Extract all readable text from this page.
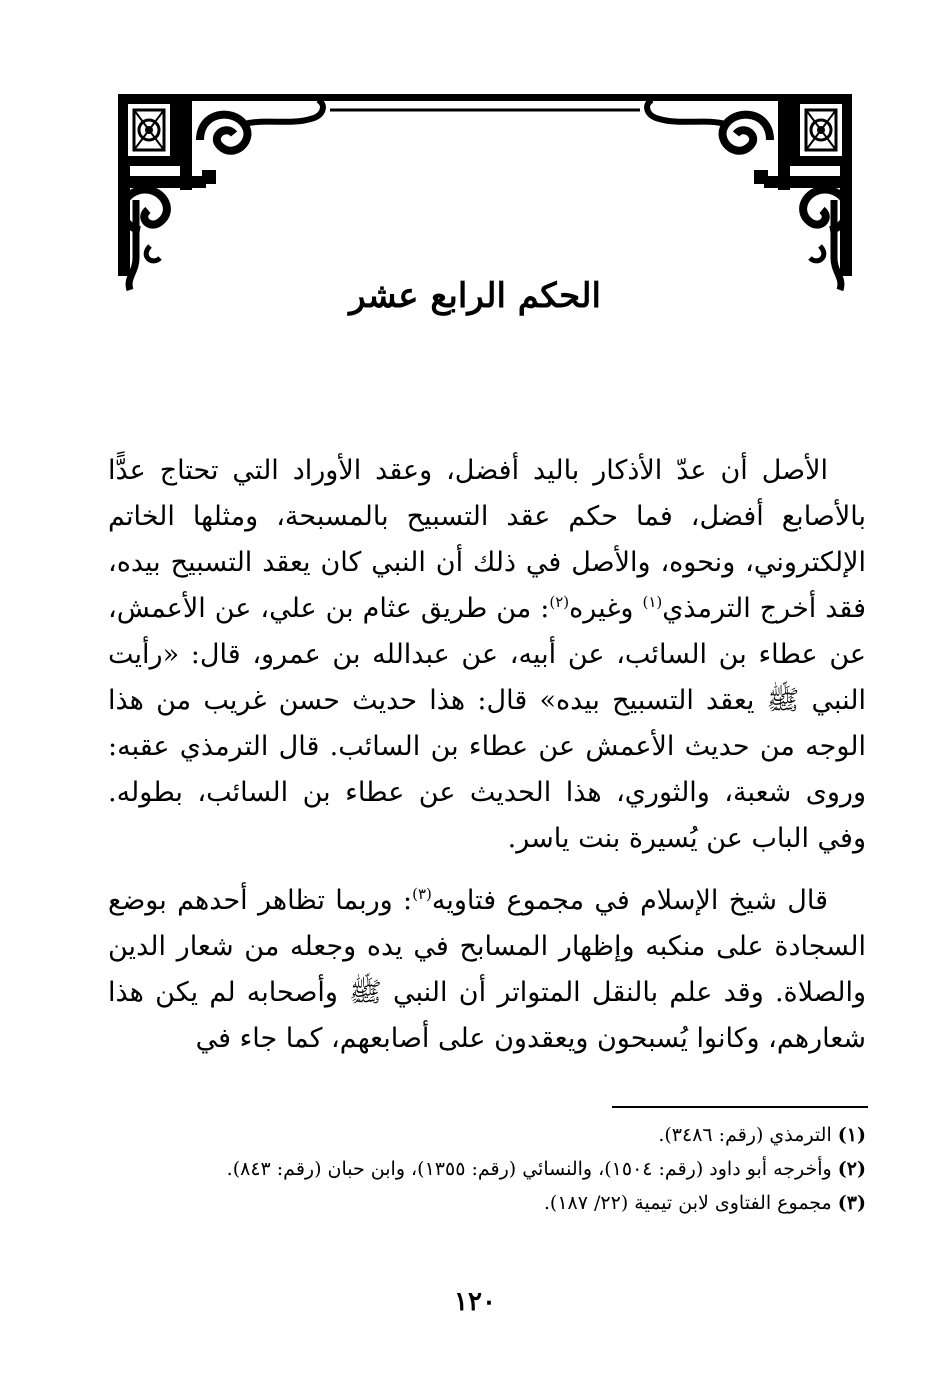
الحكم الرابع عشر

الأصل أن عدّ الأذكار باليد أفضل، وعقد الأوراد التي تحتاج عدًّا بالأصابع أفضل، فما حكم عقد التسبيح بالمسبحة، ومثلها الخاتم الإلكتروني، ونحوه، والأصل في ذلك أن النبي كان يعقد التسبيح بيده، فقد أخرج الترمذي$^{(١)}$ وغيره$^{(٢)}$: من طريق عثام بن علي، عن الأعمش، عن عطاء بن السائب، عن أبيه، عن عبدالله بن عمرو، قال: «رأيت النبي ﷺ يعقد التسبيح بيده» قال: هذا حديث حسن غريب من هذا الوجه من حديث الأعمش عن عطاء بن السائب. قال الترمذي عقبه: وروى شعبة، والثوري، هذا الحديث عن عطاء بن السائب، بطوله. وفي الباب عن يُسيرة بنت ياسر.

قال شيخ الإسلام في مجموع فتاويه$^{(٣)}$: وربما تظاهر أحدهم بوضع السجادة على منكبه وإظهار المسابح في يده وجعله من شعار الدين والصلاة. وقد علم بالنقل المتواتر أن النبي ﷺ وأصحابه لم يكن هذا شعارهم، وكانوا يُسبحون ويعقدون على أصابعهم، كما جاء في

(١) الترمذي (رقم: ٣٤٨٦).

(٢) وأخرجه أبو داود (رقم: ١٥٠٤)، والنسائي (رقم: ١٣٥٥)، وابن حبان (رقم: ٨٤٣).

(٣) مجموع الفتاوى لابن تيمية (٢٢/ ١٨٧).

١٢٠
